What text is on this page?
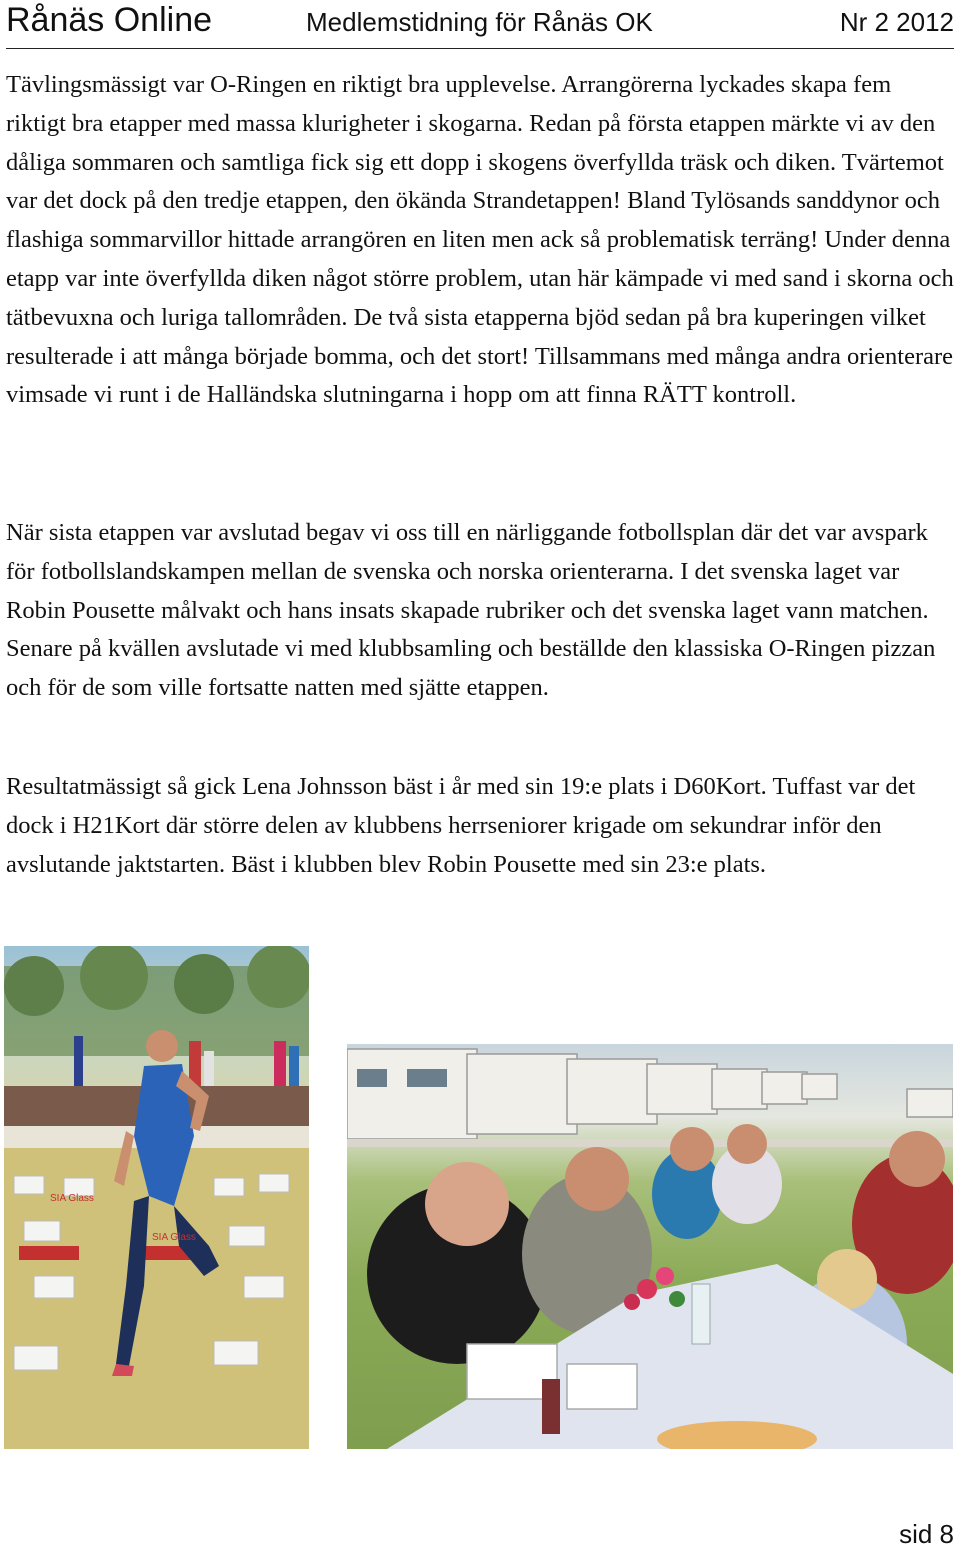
Rånäs Online	Medlemstidning för Rånäs OK	Nr 2 2012

Tävlingsmässigt var O-Ringen en riktigt bra upplevelse. Arrangörerna lyckades skapa fem riktigt bra etapper med massa klurigheter i skogarna. Redan på första etappen märkte vi av den dåliga sommaren och samtliga fick sig ett dopp i skogens överfyllda träsk och diken. Tvärtemot var det dock på den tredje etappen, den ökända Strandetappen! Bland Tylösands sanddynor och flashiga sommarvillor hittade arrangören en liten men ack så problematisk terräng! Under denna etapp var inte överfyllda diken något större problem, utan här kämpade vi med sand i skorna och tätbevuxna och luriga tallområden. De två sista etapperna bjöd sedan på bra kuperingen vilket resulterade i att många började bomma, och det stort! Tillsammans med många andra orienterare vimsade vi runt i de Halländska slutningarna i hopp om att finna RÄTT kontroll.

När sista etappen var avslutad begav vi oss till en närliggande fotbollsplan där det var avspark för fotbollslandskampen mellan de svenska och norska orienterarna. I det svenska laget var Robin Pousette målvakt och hans insats skapade rubriker och det svenska laget vann matchen. Senare på kvällen avslutade vi med klubbsamling och beställde den klassiska O-Ringen pizzan och för de som ville fortsatte natten med sjätte etappen.

Resultatmässigt så gick Lena Johnsson bäst i år med sin 19:e plats i D60Kort. Tuffast var det dock i H21Kort där större delen av klubbens herrseniorer krigade om sekundrar inför den avslutande jaktstarten. Bäst i klubben blev Robin Pousette med sin 23:e plats.

SIA Glass
SIA Glass
sid 8
